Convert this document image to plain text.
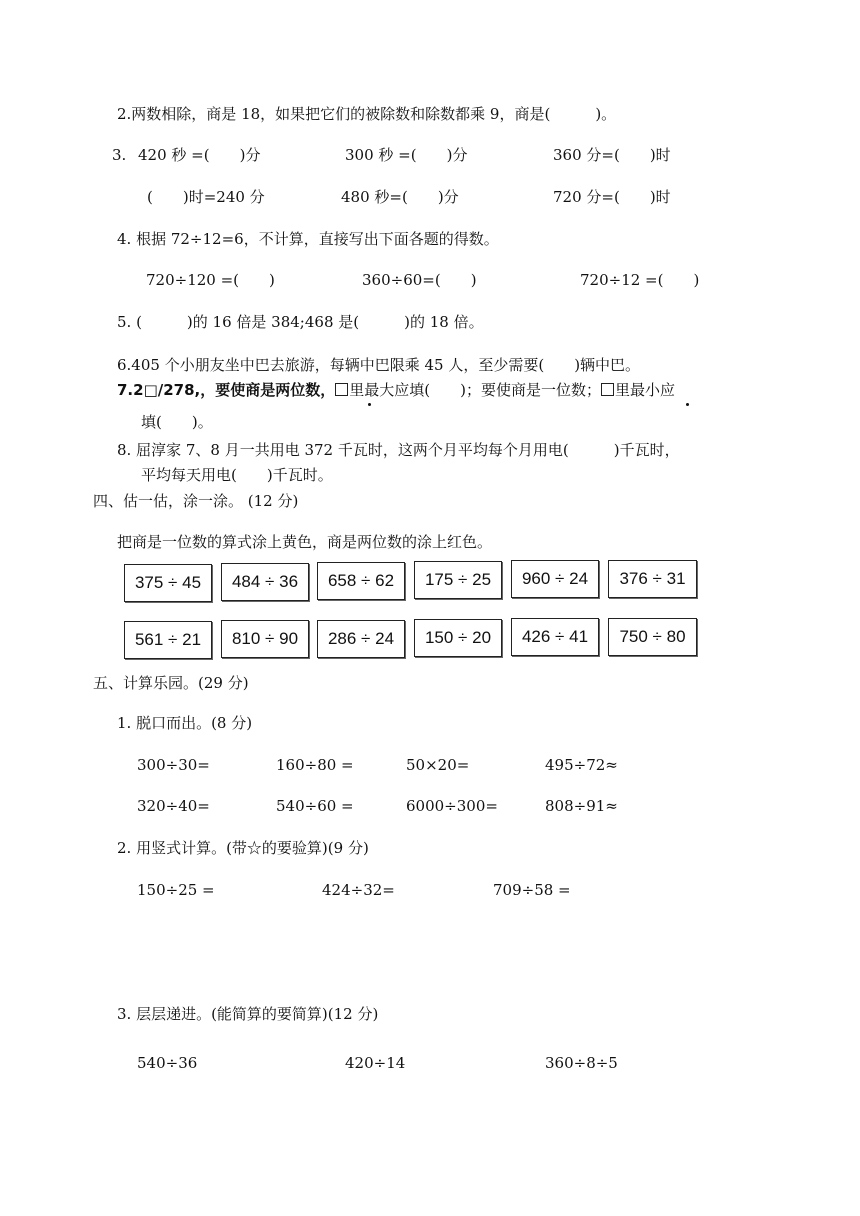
2.两数相除，商是 18，如果把它们的被除数和除数都乘 9，商是(　　　)。
3. 420 秒 =(　　)分	300 秒 =(　　)分	360 分=(　　)时
(　　)时=240 分	480 秒=(　　)分	720 分=(　　)时
4. 根据 72÷12=6，不计算，直接写出下面各题的得数。
720÷120 =(　　)	360÷60=(　　)	720÷12 =(　　)
5. (　　　)的 16 倍是 384;468 是(　　　)的 18 倍。
6.405 个小朋友坐中巴去旅游，每辆中巴限乘 45 人，至少需要(　　)辆中巴。
7.2□/278,，要使商是两位数， 里最大应填(　　)；要使商是一位数； 里最小应
填(　　)。
8. 屈淳家 7、8 月一共用电 372 千瓦时，这两个月平均每个月用电(　　　)千瓦时，
平均每天用电(　　)千瓦时。
四、估一估，涂一涂。 (12 分)
把商是一位数的算式涂上黄色，商是两位数的涂上红色。
375 ÷ 45	484 ÷ 36	658 ÷ 62	175 ÷ 25	960 ÷ 24	376 ÷ 31
561 ÷ 21	810 ÷ 90	286 ÷ 24	150 ÷ 20	426 ÷ 41	750 ÷ 80
五、计算乐园。(29 分)
1. 脱口而出。(8 分)
300÷30=	160÷80 =	50×20=	495÷72≈
320÷40=	540÷60 =	6000÷300=	808÷91≈
2. 用竖式计算。(带☆的要验算)(9 分)
150÷25 =	424÷32=	709÷58 =
3. 层层递进。(能简算的要简算)(12 分)
540÷36	420÷14	360÷8÷5
